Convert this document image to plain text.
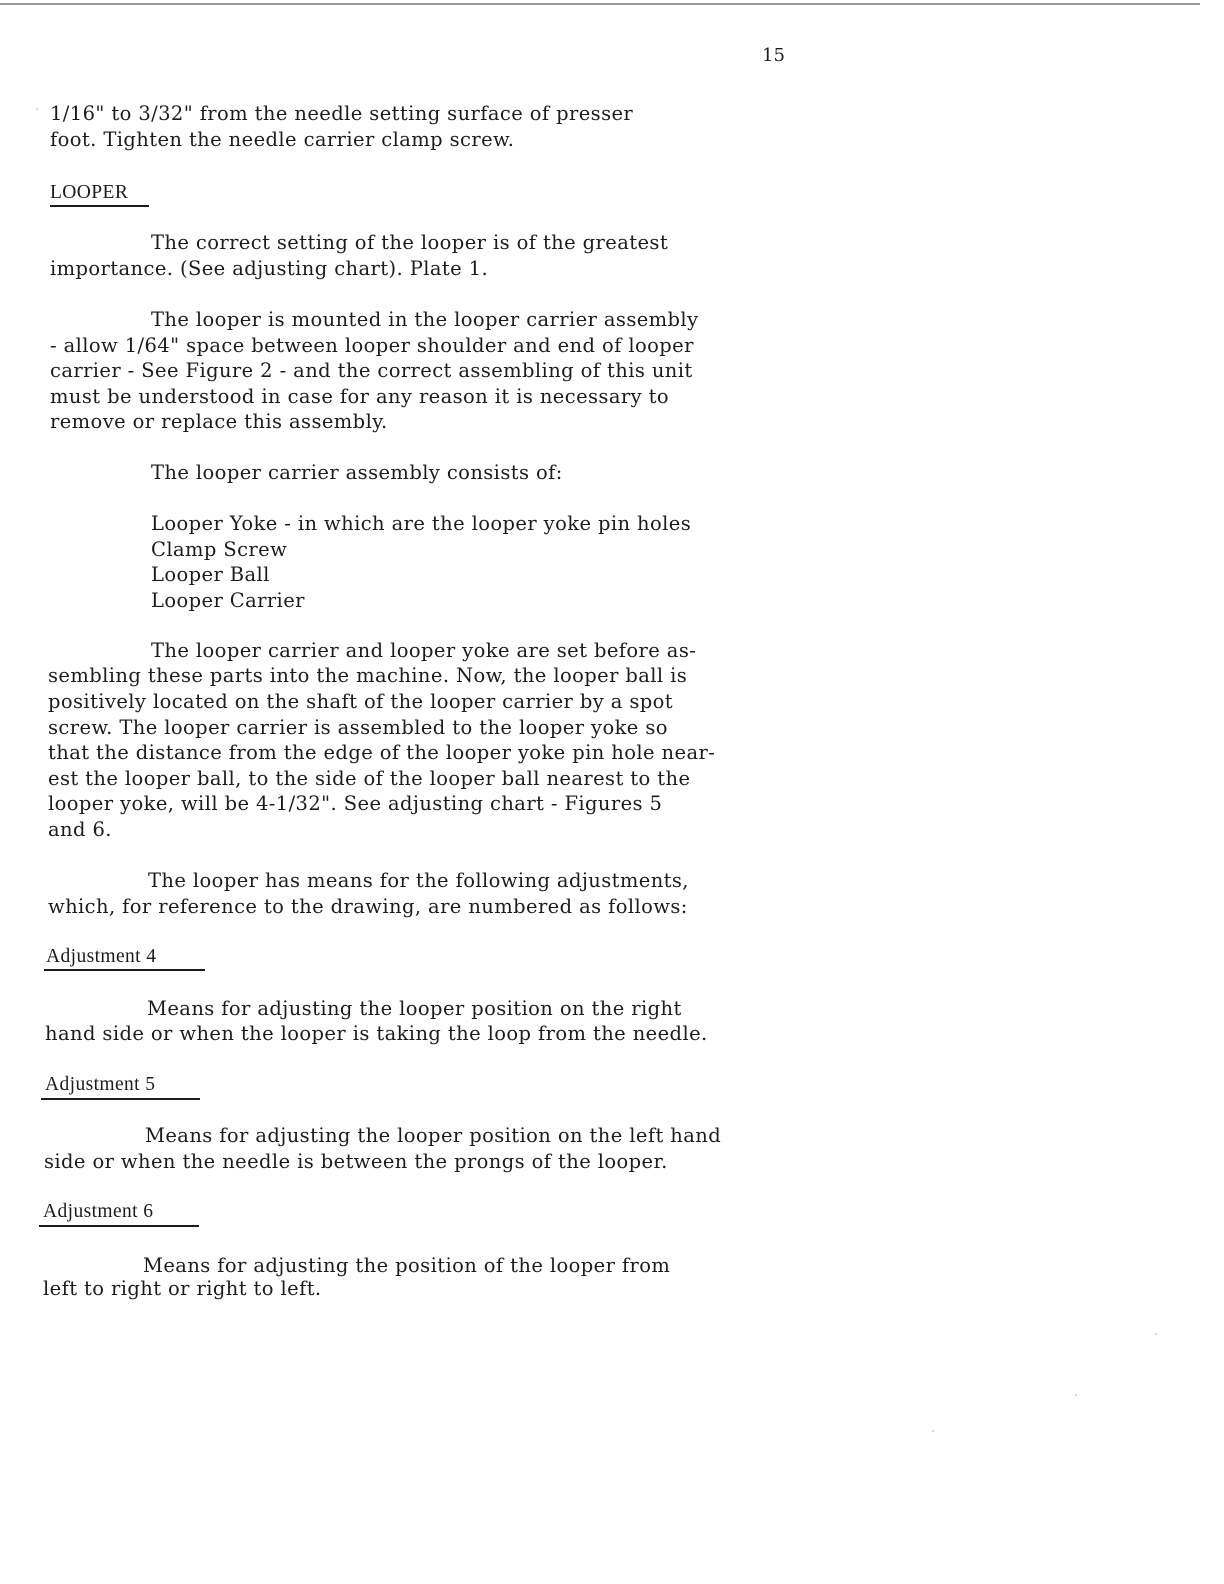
15

1/16" to 3/32" from the needle setting surface of presser

foot. Tighten the needle carrier clamp screw.

LOOPER

The correct setting of the looper is of the greatest

importance. (See adjusting chart). Plate 1.

The looper is mounted in the looper carrier assembly

- allow 1/64" space between looper shoulder and end of looper

carrier - See Figure 2 - and the correct assembling of this unit

must be understood in case for any reason it is necessary to

remove or replace this assembly.

The looper carrier assembly consists of:

Looper Yoke - in which are the looper yoke pin holes

Clamp Screw

Looper Ball

Looper Carrier

The looper carrier and looper yoke are set before as-

sembling these parts into the machine. Now, the looper ball is

positively located on the shaft of the looper carrier by a spot

screw. The looper carrier is assembled to the looper yoke so

that the distance from the edge of the looper yoke pin hole near-

est the looper ball, to the side of the looper ball nearest to the

looper yoke, will be 4-1/32". See adjusting chart - Figures 5

and 6.

The looper has means for the following adjustments,

which, for reference to the drawing, are numbered as follows:

Adjustment 4

Means for adjusting the looper position on the right

hand side or when the looper is taking the loop from the needle.

Adjustment 5

Means for adjusting the looper position on the left hand

side or when the needle is between the prongs of the looper.

Adjustment 6

Means for adjusting the position of the looper from

left to right or right to left.
